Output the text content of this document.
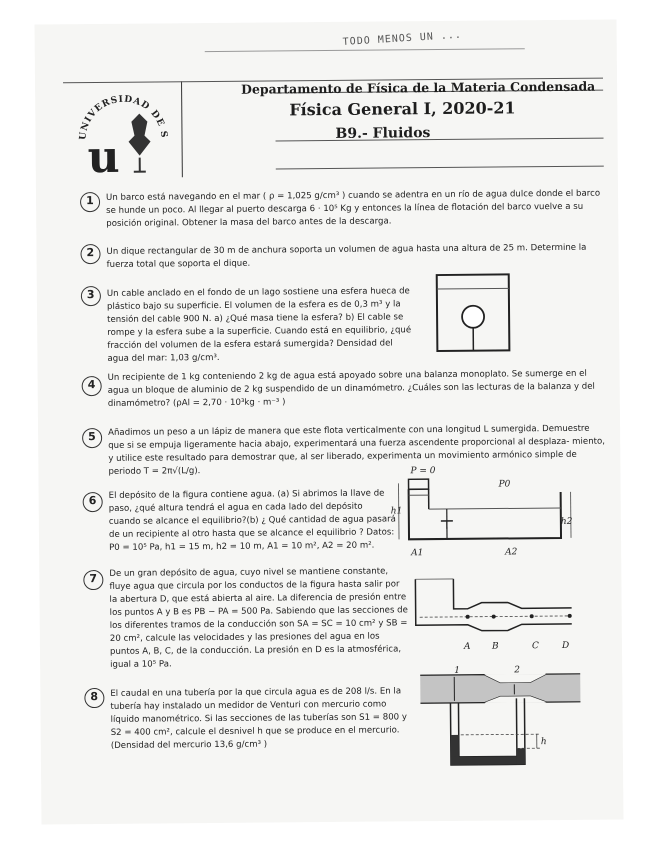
TODO MENOS UN ...
UNIVERSIDAD DE SEVILLA
u
Departamento de Física de la Materia Condensada
Física General I, 2020-21
B9.- Fluidos
1 Un barco está navegando en el mar ( ρ = 1,025 g/cm³ ) cuando se adentra en un río de agua dulce donde el barco se hunde un poco. Al llegar al puerto descarga 6 · 10⁵ Kg y entonces la línea de flotación del barco vuelve a su posición original. Obtener la masa del barco antes de la descarga.
2 Un dique rectangular de 30 m de anchura soporta un volumen de agua hasta una altura de 25 m. Determine la fuerza total que soporta el dique.
3 Un cable anclado en el fondo de un lago sostiene una esfera hueca de plástico bajo su superficie. El volumen de la esfera es de 0,3 m³ y la tensión del cable 900 N. a) ¿Qué masa tiene la esfera? b) El cable se rompe y la esfera sube a la superficie. Cuando está en equilibrio, ¿qué fracción del volumen de la esfera estará sumergida? Densidad del agua del mar: 1,03 g/cm³.
4
Un recipiente de 1 kg conteniendo 2 kg de agua está apoyado sobre una balanza monoplato. Se sumerge en el agua un bloque de aluminio de 2 kg suspendido de un dinamómetro. ¿Cuáles son las lecturas de la balanza y del dinamómetro? (ρAl = 2,70 · 10³kg · m⁻³ )
5 Añadimos un peso a un lápiz de manera que este flota verticalmente con una longitud L sumergida. Demuestre que si se empuja ligeramente hacia abajo, experimentará una fuerza ascendente proporcional al desplaza- miento, y utilice este resultado para demostrar que, al ser liberado, experimenta un movimiento armónico simple de periodo T = 2π√(L/g).
6 El depósito de la figura contiene agua. (a) Si abrimos la llave de paso, ¿qué altura tendrá el agua en cada lado del depósito cuando se alcance el equilibrio?(b) ¿ Qué cantidad de agua pasará de un recipiente al otro hasta que se alcance el equilibrio ? Datos: P0 = 10⁵ Pa, h1 = 15 m, h2 = 10 m, A1 = 10 m², A2 = 20 m².
P = 0
P0
h1
h2
A1	A2
7 De un gran depósito de agua, cuyo nivel se mantiene constante, fluye agua que circula por los conductos de la figura hasta salir por la abertura D, que está abierta al aire. La diferencia de presión entre los puntos A y B es PB − PA = 500 Pa. Sabiendo que las secciones de los diferentes tramos de la conducción son SA = SC = 10 cm² y SB = 20 cm², calcule las velocidades y las presiones del agua en los puntos A, B, C, de la conducción. La presión en D es la atmosférica, igual a 10⁵ Pa.
A B	C	D
8 El caudal en una tubería por la que circula agua es de 208 l/s. En la tubería hay instalado un medidor de Venturi con mercurio como líquido manométrico. Si las secciones de las tuberías son S1 = 800 y S2 = 400 cm², calcule el desnivel h que se produce en el mercurio. (Densidad del mercurio 13,6 g/cm³ )
1	2
h
